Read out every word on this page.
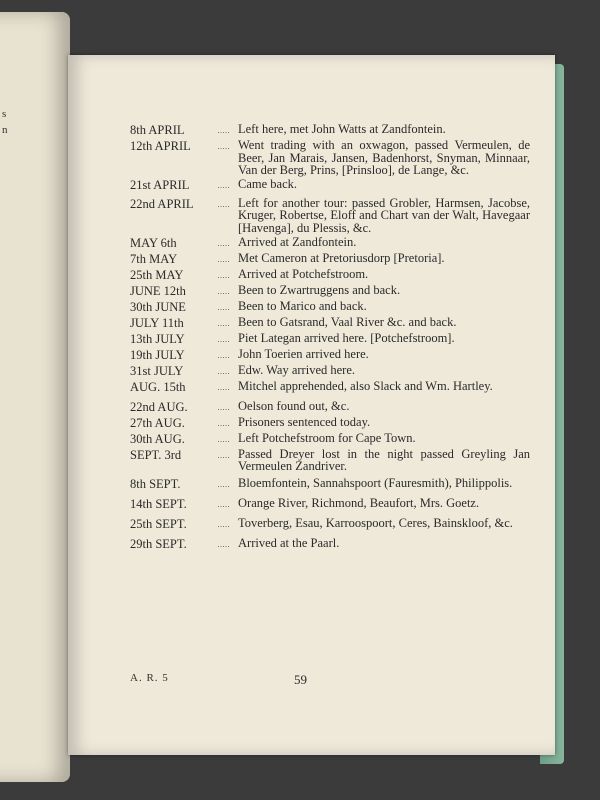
s
n	8th APRIL	..... Left here, met John Watts at Zandfontein.
12th APRIL	..... Went trading with an oxwagon, passed Vermeulen, de Beer, Jan Marais, Jansen, Badenhorst, Snyman, Minnaar, Van der Berg, Prins, [Prinsloo], de Lange, &c.
21st APRIL	..... Came back.
22nd APRIL	..... Left for another tour: passed Grobler, Harmsen, Jacobse, Kruger, Robertse, Eloff and Chart van der Walt, Havegaar [Havenga], du Plessis, &c.
MAY 6th	..... Arrived at Zandfontein.
7th MAY	..... Met Cameron at Pretoriusdorp [Pretoria].
25th MAY	..... Arrived at Potchefstroom.
JUNE 12th	..... Been to Zwartruggens and back.
30th JUNE	..... Been to Marico and back.
JULY 11th	..... Been to Gatsrand, Vaal River &c. and back.
13th JULY	..... Piet Lategan arrived here. [Potchefstroom].
19th JULY	..... John Toerien arrived here.
31st JULY	..... Edw. Way arrived here.
AUG. 15th	..... Mitchel apprehended, also Slack and Wm. Hartley.
22nd AUG.	..... Oelson found out, &c.
27th AUG.	..... Prisoners sentenced today.
30th AUG.	..... Left Potchefstroom for Cape Town.
SEPT. 3rd	..... Passed Dreyer lost in the night passed Greyling Jan Vermeulen Zandriver.
8th SEPT.	..... Bloemfontein, Sannahspoort (Fauresmith), Philippolis.
14th SEPT.	..... Orange River, Richmond, Beaufort, Mrs. Goetz.
25th SEPT.	..... Toverberg, Esau, Karroospoort, Ceres, Bainskloof, &c.
29th SEPT.	..... Arrived at the Paarl.
A. R. 5	59
